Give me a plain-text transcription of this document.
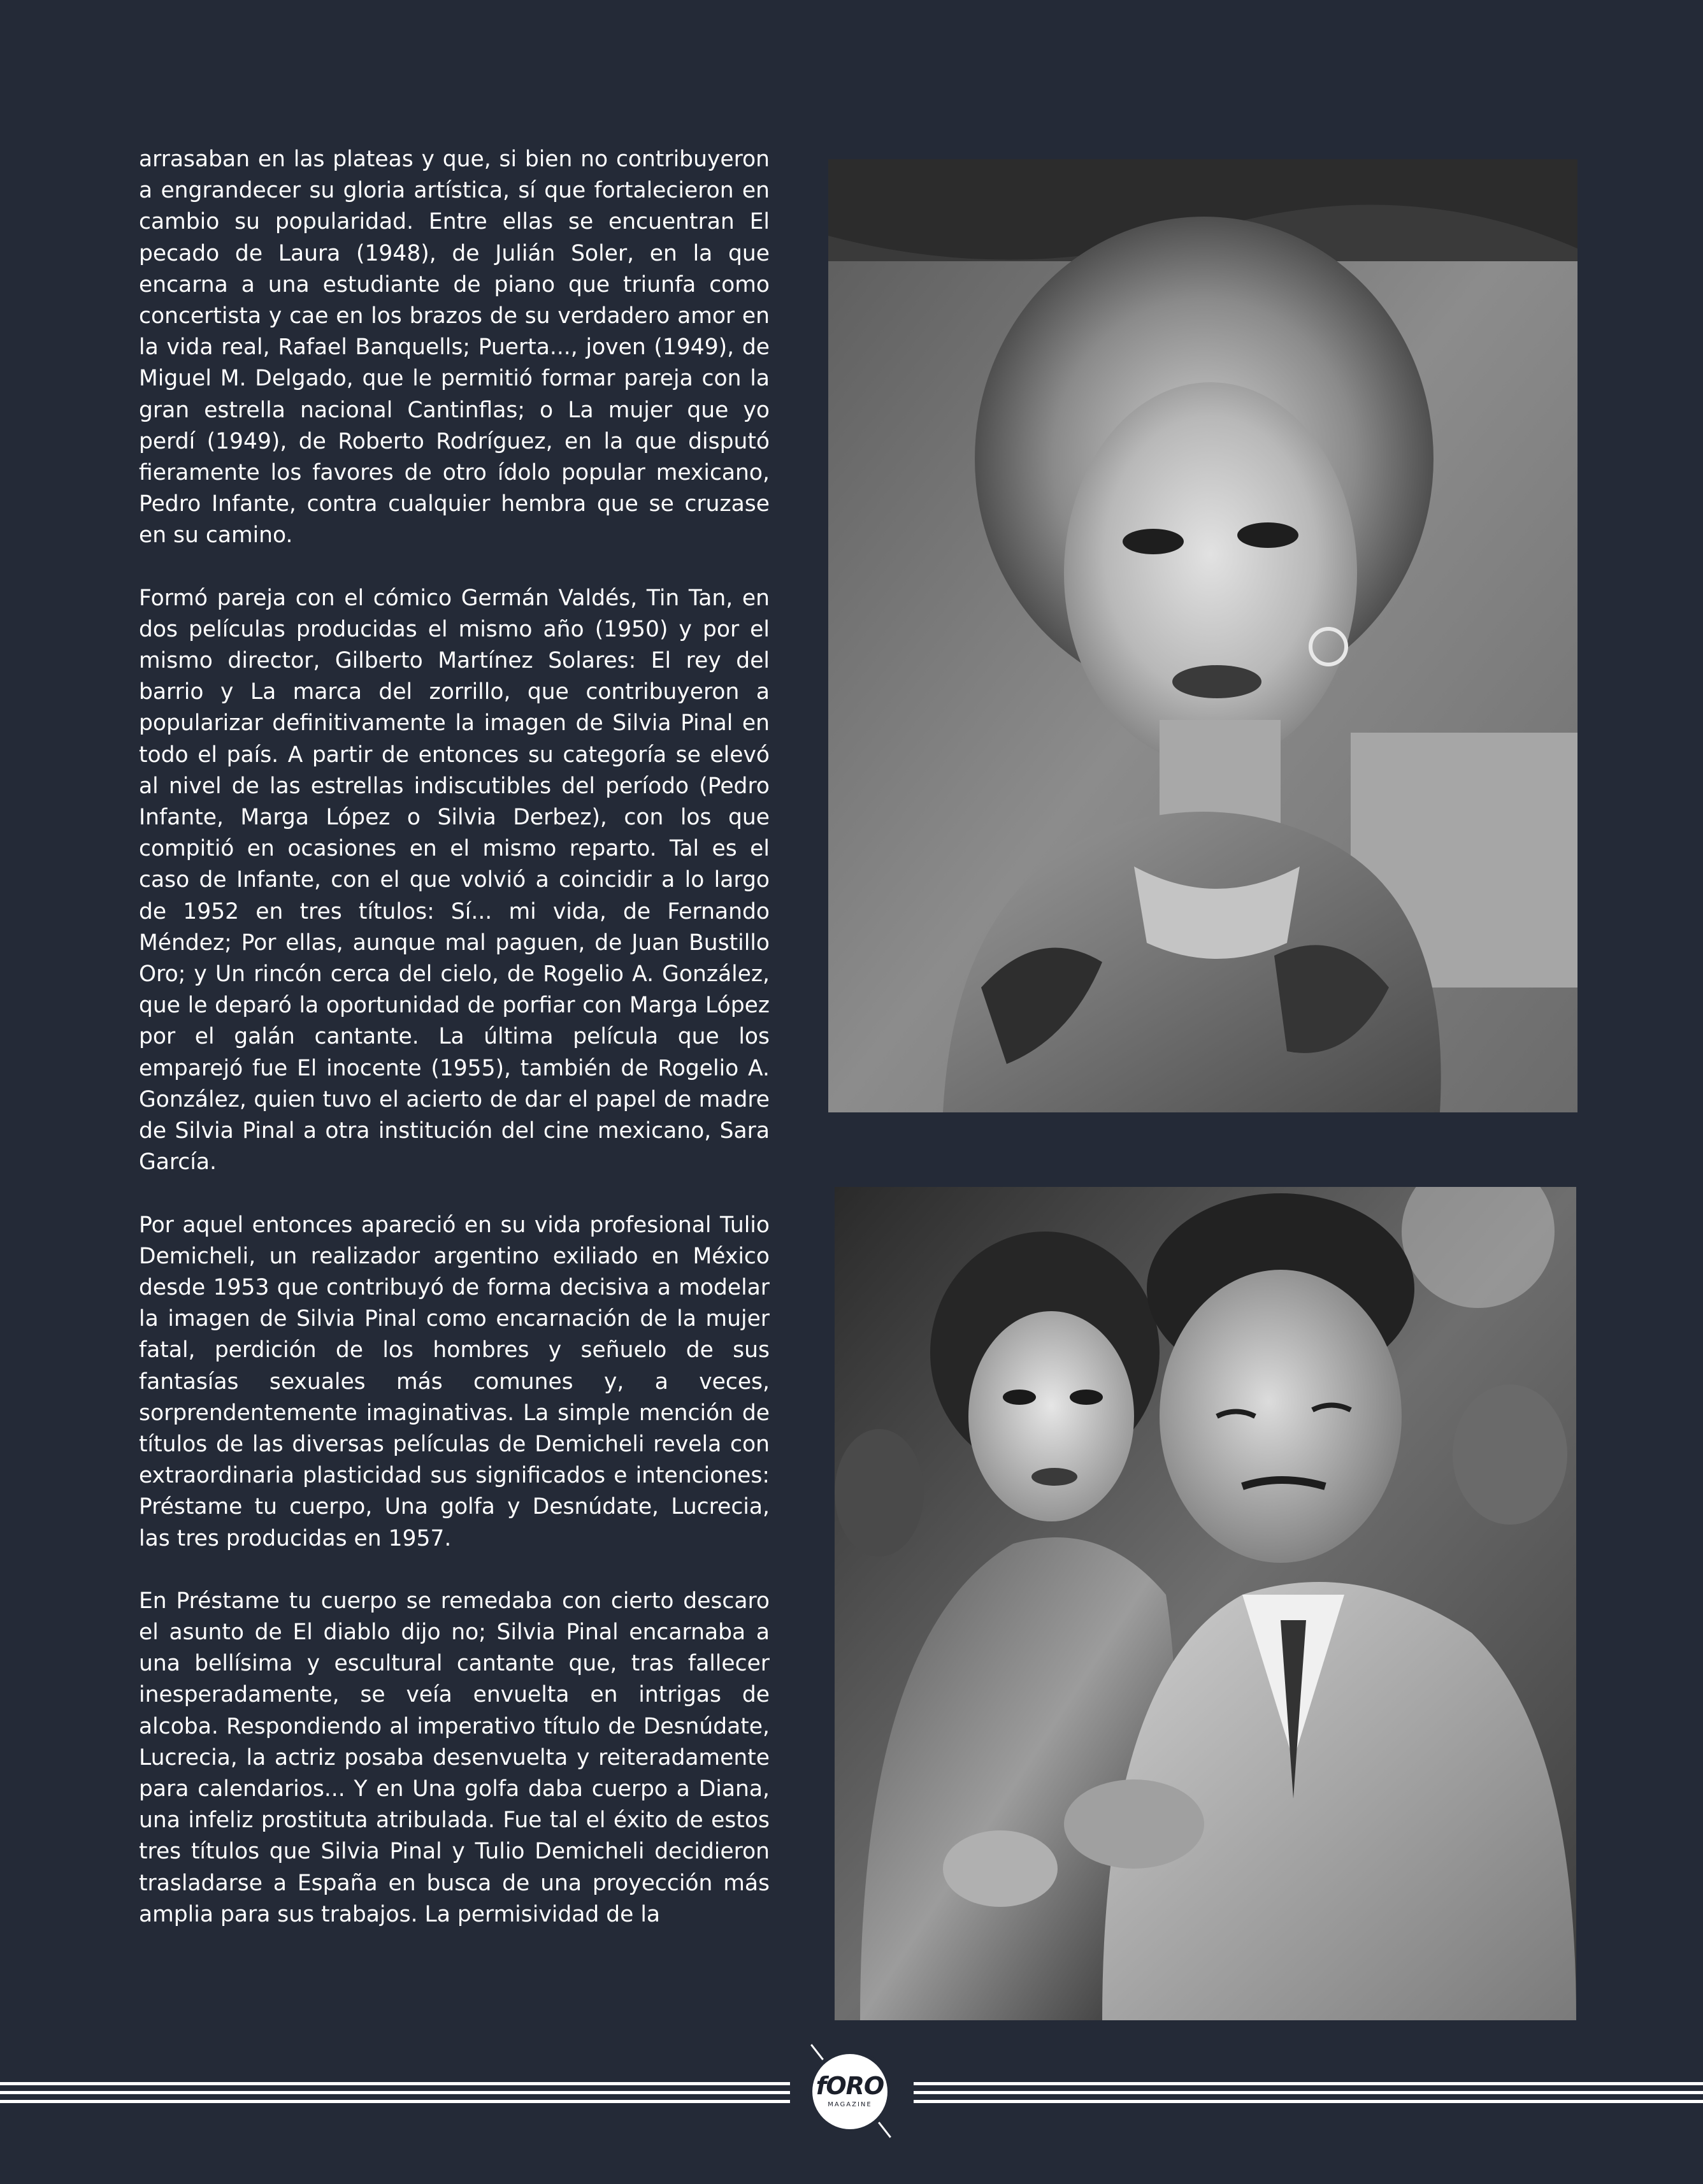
arrasaban en las plateas y que, si bien no contribuyeron a engrandecer su gloria artística, sí que fortalecieron en cambio su popularidad. Entre ellas se encuentran El pecado de Laura (1948), de Julián Soler, en la que encarna a una estudiante de piano que triunfa como concertista y cae en los brazos de su verdadero amor en la vida real, Rafael Banquells; Puerta..., joven (1949), de Miguel M. Delgado, que le permitió formar pareja con la gran estrella nacional Cantinflas; o La mujer que yo perdí (1949), de Roberto Rodríguez, en la que disputó fieramente los favores de otro ídolo popular mexicano, Pedro Infante, contra cualquier hembra que se cruzase en su camino.

Formó pareja con el cómico Germán Valdés, Tin Tan, en dos películas producidas el mismo año (1950) y por el mismo director, Gilberto Martínez Solares: El rey del barrio y La marca del zorrillo, que contribuyeron a popularizar definitivamente la imagen de Silvia Pinal en todo el país. A partir de entonces su categoría se elevó al nivel de las estrellas indiscutibles del período (Pedro Infante, Marga López o Silvia Derbez), con los que compitió en ocasiones en el mismo reparto. Tal es el caso de Infante, con el que volvió a coincidir a lo largo de 1952 en tres títulos: Sí... mi vida, de Fernando Méndez; Por ellas, aunque mal paguen, de Juan Bustillo Oro; y Un rincón cerca del cielo, de Rogelio A. González, que le deparó la oportunidad de porfiar con Marga López por el galán cantante. La última película que los emparejó fue El inocente (1955), también de Rogelio A. González, quien tuvo el acierto de dar el papel de madre de Silvia Pinal a otra institución del cine mexicano, Sara García.

Por aquel entonces apareció en su vida profesional Tulio Demicheli, un realizador argentino exiliado en México desde 1953 que contribuyó de forma decisiva a modelar la imagen de Silvia Pinal como encarnación de la mujer fatal, perdición de los hombres y señuelo de sus fantasías sexuales más comunes y, a veces, sorprendentemente imaginativas. La simple mención de títulos de las diversas películas de Demicheli revela con extraordinaria plasticidad sus significados e intenciones: Préstame tu cuerpo, Una golfa y Desnúdate, Lucrecia, las tres producidas en 1957.

En Préstame tu cuerpo se remedaba con cierto descaro el asunto de El diablo dijo no; Silvia Pinal encarnaba a una bellísima y escultural cantante que, tras fallecer inesperadamente, se veía envuelta en intrigas de alcoba. Respondiendo al imperativo título de Desnúdate, Lucrecia, la actriz posaba desenvuelta y reiteradamente para calendarios... Y en Una golfa daba cuerpo a Diana, una infeliz prostituta atribulada. Fue tal el éxito de estos tres títulos que Silvia Pinal y Tulio Demicheli decidieron trasladarse a España en busca de una proyección más amplia para sus trabajos. La permisividad de la

fORO
MAGAZINE
